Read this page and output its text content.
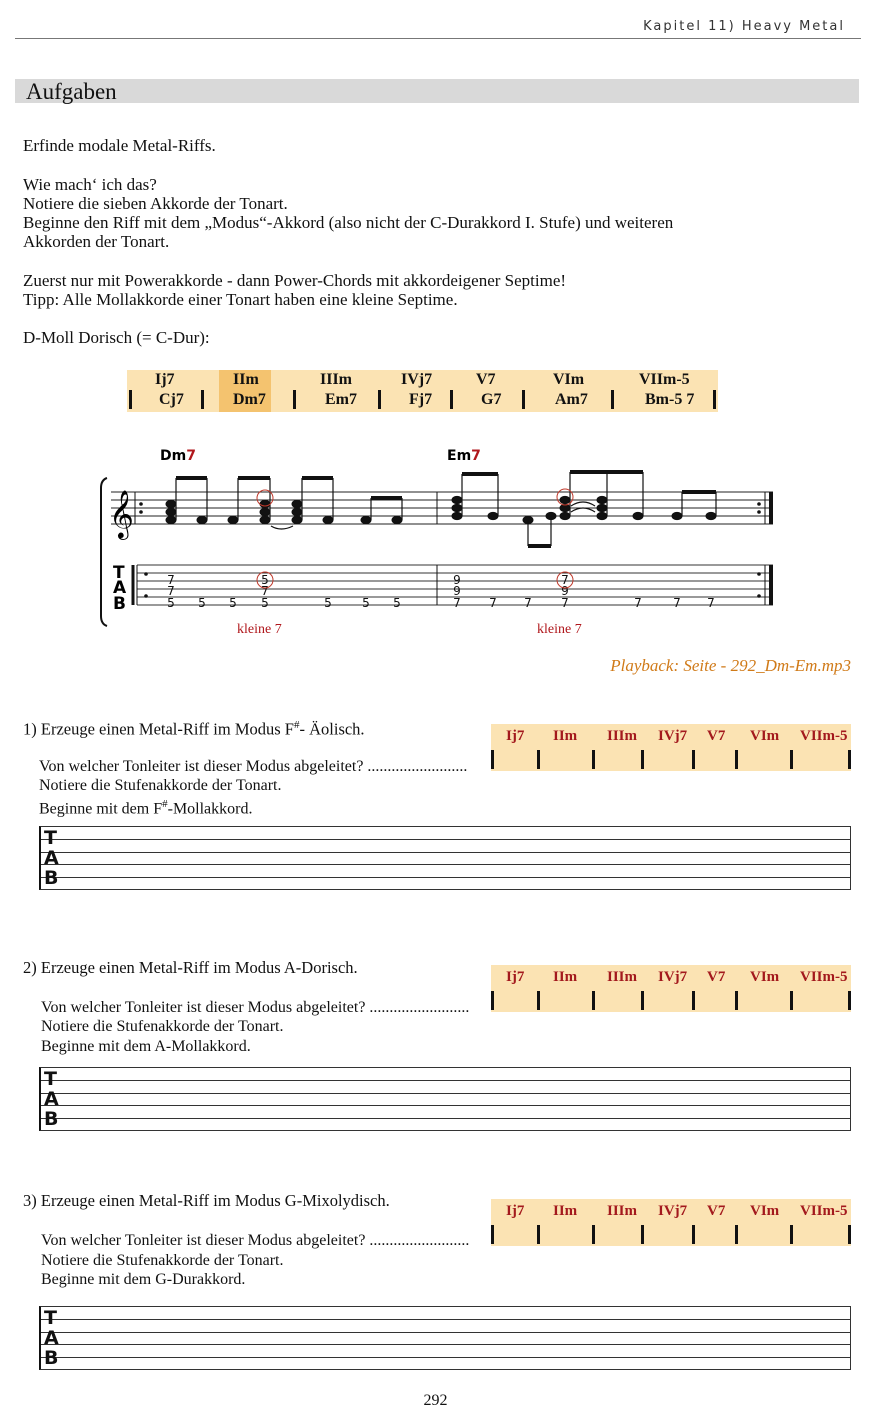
Kapitel 11) Heavy Metal
Aufgaben
Erfinde modale Metal-Riffs.
Wie mach‘ ich das?
Notiere die sieben Akkorde der Tonart.
Beginne den Riff mit dem „Modus“-Akkord (also nicht der C-Durakkord I. Stufe) und weiteren
Akkorden der Tonart.
Zuerst nur mit Powerakkorde - dann Power-Chords mit akkordeigener Septime!
Tipp: Alle Mollakkorde einer Tonart haben eine kleine Septime.
D-Moll Dorisch (= C-Dur):
Ij7	IIm	IIIm	IVj7	V7	VIm	VIIm-5
Cj7	Dm7	Em7	Fj7	G7	Am7	Bm-5 7
Dm7	Em7
𝄞
T
A
B
7
7
5 5 5
5
7
5	5	5 5
9
9
7 7 7
7
9
7	7	7 7
kleine 7	kleine 7
Playback: Seite - 292_Dm-Em.mp3
1) Erzeuge einen Metal-Riff im Modus F#- Äolisch.
Von welcher Tonleiter ist dieser Modus abgeleitet? .........................
Notiere die Stufenakkorde der Tonart.
Beginne mit dem F#-Mollakkord.
Ij7 IIm IIIm IVj7 V7 VIm VIIm-5
T
A
B
2) Erzeuge einen Metal-Riff im Modus A-Dorisch.
Von welcher Tonleiter ist dieser Modus abgeleitet? .........................
Notiere die Stufenakkorde der Tonart.
Beginne mit dem A-Mollakkord.
Ij7 IIm IIIm IVj7 V7 VIm VIIm-5
T
A
B
3) Erzeuge einen Metal-Riff im Modus G-Mixolydisch.
Von welcher Tonleiter ist dieser Modus abgeleitet? .........................
Notiere die Stufenakkorde der Tonart.
Beginne mit dem G-Durakkord.
Ij7 IIm IIIm IVj7 V7 VIm VIIm-5
T
A
B
292
